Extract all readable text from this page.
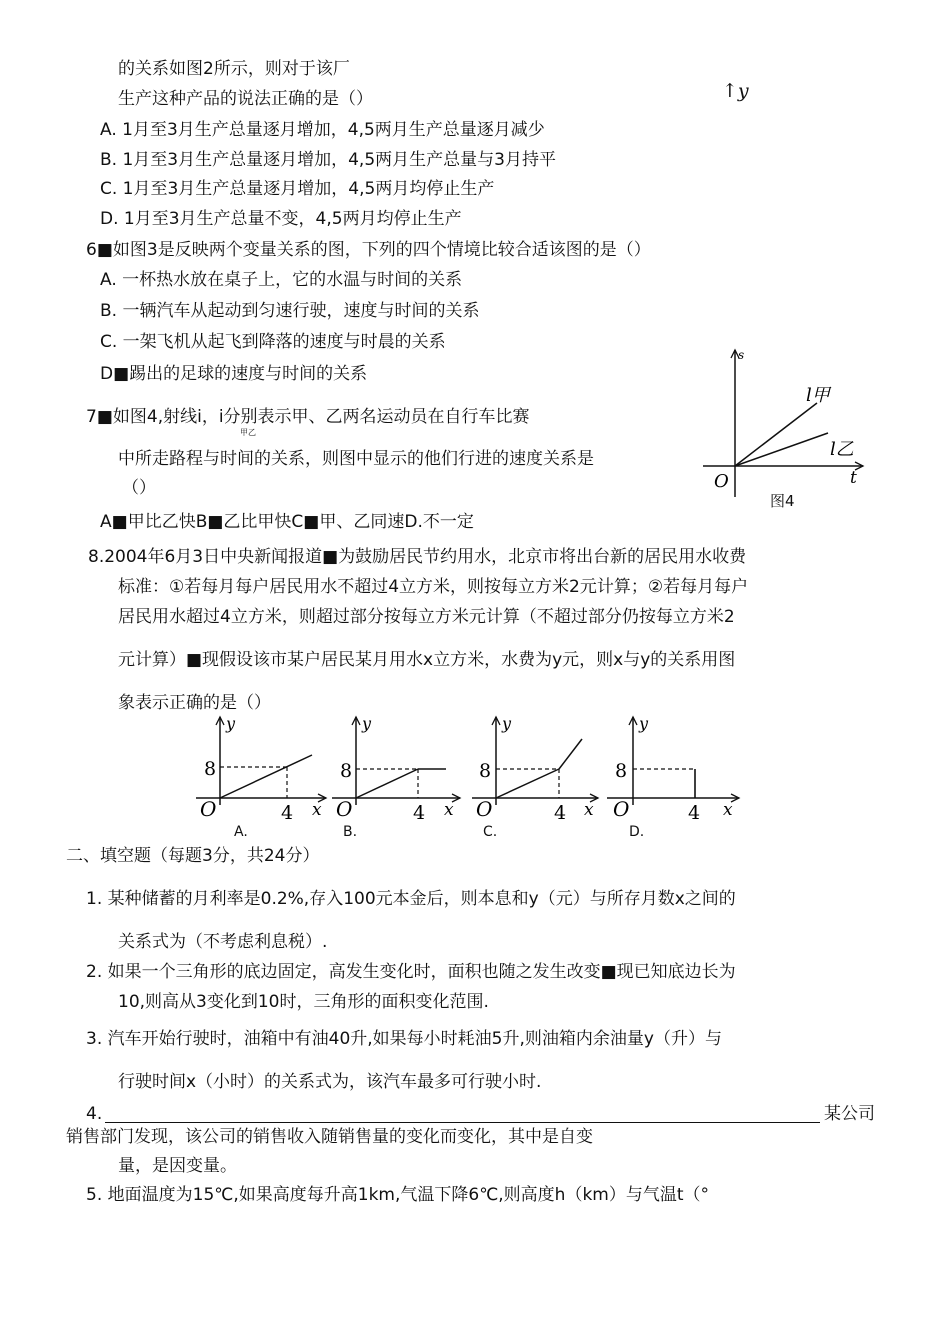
的关系如图2所示，则对于该厂
生产这种产品的说法正确的是（）	↑y
A. 1月至3月生产总量逐月增加，4,5两月生产总量逐月减少
B. 1月至3月生产总量逐月增加，4,5两月生产总量与3月持平
C. 1月至3月生产总量逐月增加，4,5两月均停止生产
D. 1月至3月生产总量不变，4,5两月均停止生产
6■如图3是反映两个变量关系的图，下列的四个情境比较合适该图的是（）
A. 一杯热水放在桌子上，它的水温与时间的关系
B. 一辆汽车从起动到匀速行驶，速度与时间的关系
C. 一架飞机从起飞到降落的速度与时晨的关系
D■踢出的足球的速度与时间的关系
7■如图4,射线i，i分别表示甲、乙两名运动员在自行车比赛
甲乙
中所走路程与时间的关系，则图中显示的他们行进的速度关系是
（）
A■甲比乙快B■乙比甲快C■甲、乙同速D.不一定
s
t
O
l甲
l乙
图4
8.2004年6月3日中央新闻报道■为鼓励居民节约用水，北京市将出台新的居民用水收费
标准：①若每月每户居民用水不超过4立方米，则按每立方米2元计算；②若每月每户
居民用水超过4立方米，则超过部分按每立方米元计算（不超过部分仍按每立方米2
元计算）■现假设该市某户居民某月用水x立方米，水费为y元，则x与y的关系用图
象表示正确的是（）
y
8
O	4 x
A.
y
8
O	4 x
B.
y
8
O	4 x
C.
y
8
O	4 x
D.
二、填空题（每题3分，共24分）
1. 某种储蓄的月利率是0.2%,存入100元本金后，则本息和y（元）与所存月数x之间的
关系式为（不考虑利息税）.
2. 如果一个三角形的底边固定，高发生变化时，面积也随之发生改变■现已知底边长为
10,则高从3变化到10时，三角形的面积变化范围.
3. 汽车开始行驶时，油箱中有油40升,如果每小时耗油5升,则油箱内余油量y（升）与
行驶时间x（小时）的关系式为，该汽车最多可行驶小时.
4.	某公司
销售部门发现，该公司的销售收入随销售量的变化而变化，其中是自变
量，是因变量。
5. 地面温度为15℃,如果高度每升高1km,气温下降6℃,则高度h（km）与气温t（°
